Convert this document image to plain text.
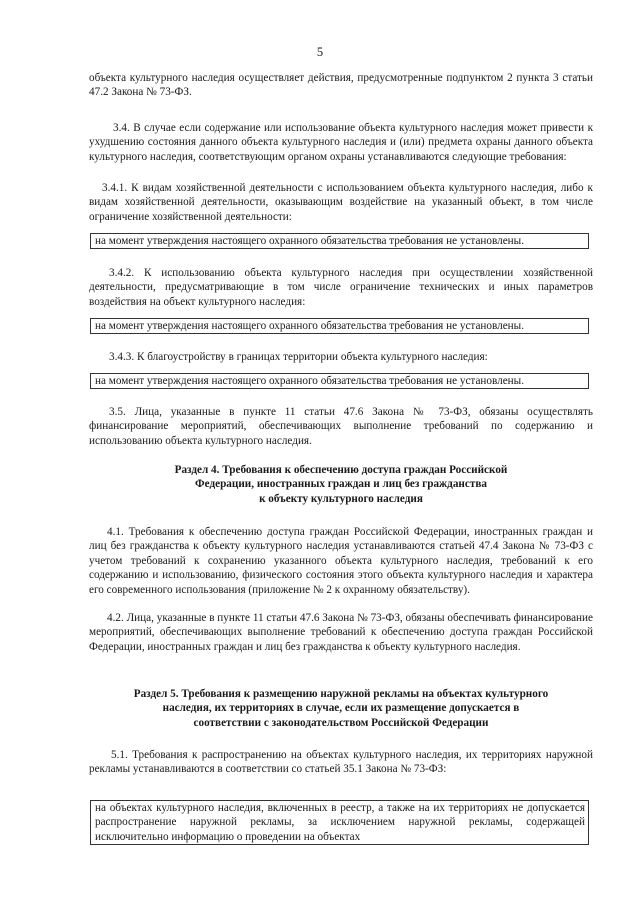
5

объекта культурного наследия осуществляет действия, предусмотренные подпунктом 2 пункта 3 статьи 47.2 Закона № 73-ФЗ.

3.4. В случае если содержание или использование объекта культурного наследия может привести к ухудшению состояния данного объекта культурного наследия и (или) предмета охраны данного объекта культурного наследия, соответствующим органом охраны устанавливаются следующие требования:

3.4.1. К видам хозяйственной деятельности с использованием объекта культурного наследия, либо к видам хозяйственной деятельности, оказывающим воздействие на указанный объект, в том числе ограничение хозяйственной деятельности:

на момент утверждения настоящего охранного обязательства требования не установлены.

3.4.2. К использованию объекта культурного наследия при осуществлении хозяйственной деятельности, предусматривающие в том числе ограничение технических и иных параметров воздействия на объект культурного наследия:

на момент утверждения настоящего охранного обязательства требования не установлены.

3.4.3. К благоустройству в границах территории объекта культурного наследия:

на момент утверждения настоящего охранного обязательства требования не установлены.

3.5. Лица, указанные в пункте 11 статьи 47.6 Закона № 73-ФЗ, обязаны осуществлять финансирование мероприятий, обеспечивающих выполнение требований по содержанию и использованию объекта культурного наследия.

Раздел 4. Требования к обеспечению доступа граждан Российской
Федерации, иностранных граждан и лиц без гражданства
к объекту культурного наследия

4.1. Требования к обеспечению доступа граждан Российской Федерации, иностранных граждан и лиц без гражданства к объекту культурного наследия устанавливаются статьей 47.4 Закона № 73-ФЗ с учетом требований к сохранению указанного объекта культурного наследия, требований к его содержанию и использованию, физического состояния этого объекта культурного наследия и характера его современного использования (приложение № 2 к охранному обязательству).

4.2. Лица, указанные в пункте 11 статьи 47.6 Закона № 73-ФЗ, обязаны обеспечивать финансирование мероприятий, обеспечивающих выполнение требований к обеспечению доступа граждан Российской Федерации, иностранных граждан и лиц без гражданства к объекту культурного наследия.

Раздел 5. Требования к размещению наружной рекламы на объектах культурного
наследия, их территориях в случае, если их размещение допускается в
соответствии с законодательством Российской Федерации

5.1. Требования к распространению на объектах культурного наследия, их территориях наружной рекламы устанавливаются в соответствии со статьей 35.1 Закона № 73-ФЗ:

на объектах культурного наследия, включенных в реестр, а также на их территориях не допускается распространение наружной рекламы, за исключением наружной рекламы, содержащей исключительно информацию о проведении на объектах
